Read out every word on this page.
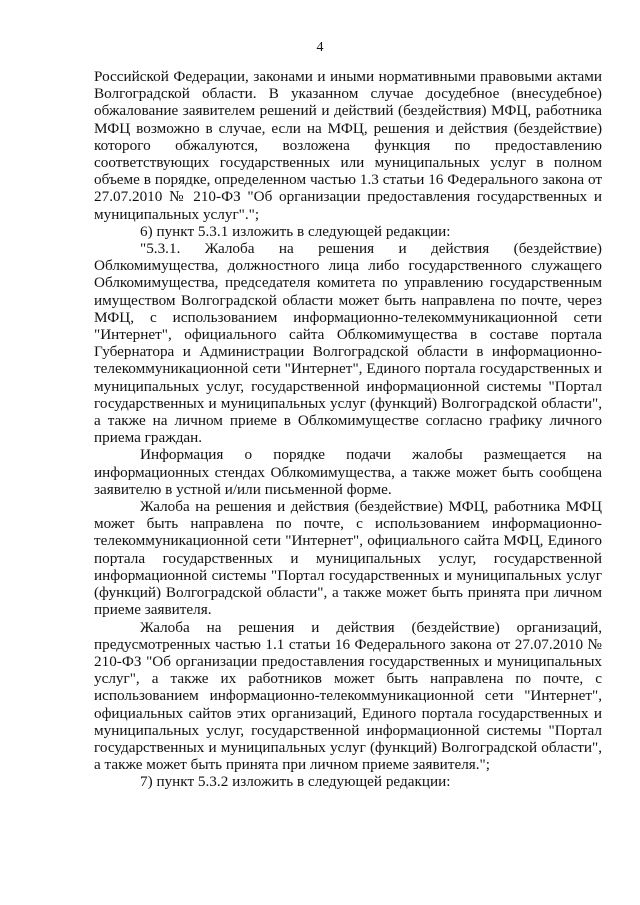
4

Российской Федерации, законами и иными нормативными правовыми актами Волгоградской области. В указанном случае досудебное (внесудебное) обжалование заявителем решений и действий (бездействия) МФЦ, работника МФЦ возможно в случае, если на МФЦ, решения и действия (бездействие) которого обжалуются, возложена функция по предоставлению соответствующих государственных или муниципальных услуг в полном объеме в порядке, определенном частью 1.3 статьи 16 Федерального закона от 27.07.2010 № 210-ФЗ "Об организации предоставления государственных и муниципальных услуг".";

6) пункт 5.3.1 изложить в следующей редакции:

"5.3.1. Жалоба на решения и действия (бездействие) Облкомимущества, должностного лица либо государственного служащего Облкомимущества, председателя комитета по управлению государственным имуществом Волгоградской области может быть направлена по почте, через МФЦ, с использованием информационно-телекоммуникационной сети "Интернет", официального сайта Облкомимущества в составе портала Губернатора и Администрации Волгоградской области в информационно-телекоммуникационной сети "Интернет", Единого портала государственных и муниципальных услуг, государственной информационной системы "Портал государственных и муниципальных услуг (функций) Волгоградской области", а также на личном приеме в Облкомимуществе согласно графику личного приема граждан.

Информация о порядке подачи жалобы размещается на информационных стендах Облкомимущества, а также может быть сообщена заявителю в устной и/или письменной форме.

Жалоба на решения и действия (бездействие) МФЦ, работника МФЦ может быть направлена по почте, с использованием информационно-телекоммуникационной сети "Интернет", официального сайта МФЦ, Единого портала государственных и муниципальных услуг, государственной информационной системы "Портал государственных и муниципальных услуг (функций) Волгоградской области", а также может быть принята при личном приеме заявителя.

Жалоба на решения и действия (бездействие) организаций, предусмотренных частью 1.1 статьи 16 Федерального закона от 27.07.2010 № 210-ФЗ "Об организации предоставления государственных и муниципальных услуг", а также их работников может быть направлена по почте, с использованием информационно-телекоммуникационной сети "Интернет", официальных сайтов этих организаций, Единого портала государственных и муниципальных услуг, государственной информационной системы "Портал государственных и муниципальных услуг (функций) Волгоградской области", а также может быть принята при личном приеме заявителя.";

7) пункт 5.3.2 изложить в следующей редакции:
